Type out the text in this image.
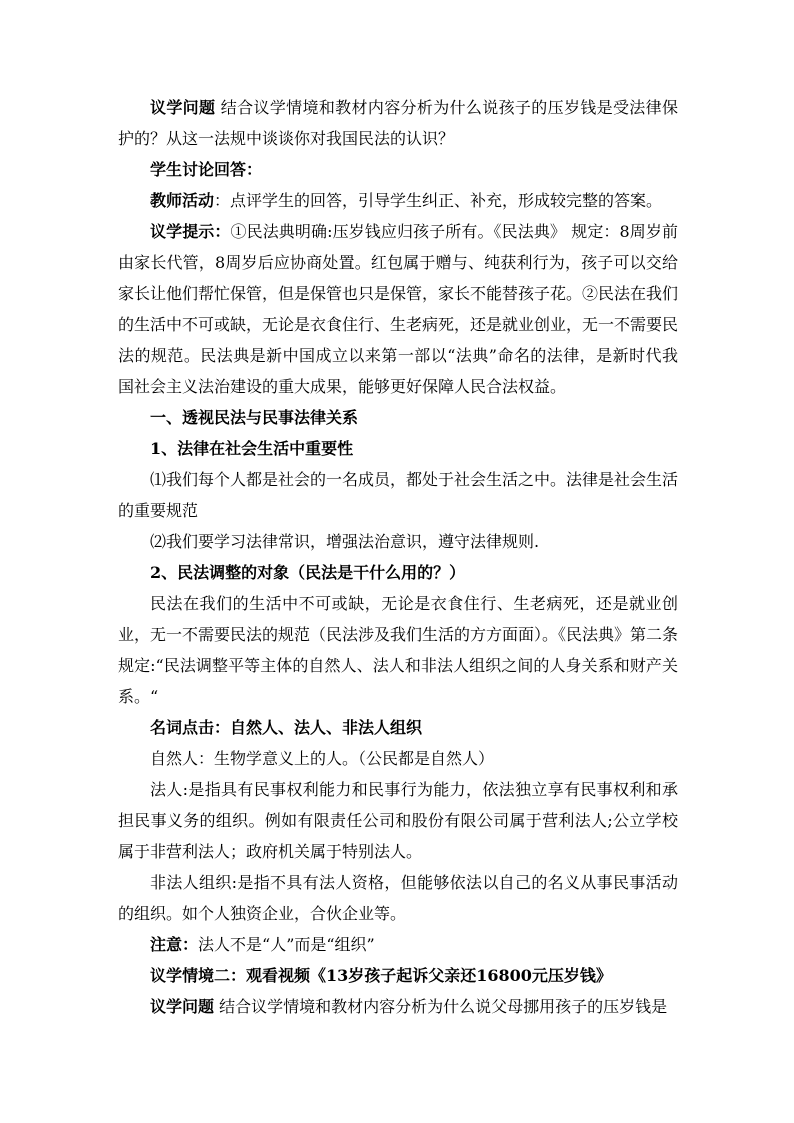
议学问题 结合议学情境和教材内容分析为什么说孩子的压岁钱是受法律保护的？从这一法规中谈谈你对我国民法的认识？

学生讨论回答：

教师活动：点评学生的回答，引导学生纠正、补充，形成较完整的答案。

议学提示：①民法典明确:压岁钱应归孩子所有。《民法典》 规定：8周岁前由家长代管，8周岁后应协商处置。红包属于赠与、纯获利行为，孩子可以交给家长让他们帮忙保管，但是保管也只是保管，家长不能替孩子花。②民法在我们的生活中不可或缺，无论是衣食住行、生老病死，还是就业创业，无一不需要民法的规范。民法典是新中国成立以来第一部以“法典”命名的法律，是新时代我国社会主义法治建设的重大成果，能够更好保障人民合法权益。

一、透视民法与民事法律关系

1、法律在社会生活中重要性

⑴我们每个人都是社会的一名成员，都处于社会生活之中。法律是社会生活的重要规范

⑵我们要学习法律常识，增强法治意识，遵守法律规则.

2、民法调整的对象（民法是干什么用的？）

民法在我们的生活中不可或缺，无论是衣食住行、生老病死，还是就业创业，无一不需要民法的规范（民法涉及我们生活的方方面面）。《民法典》第二条规定:“民法调整平等主体的自然人、法人和非法人组织之间的人身关系和财产关系。“

名词点击：自然人、法人、非法人组织

自然人：生物学意义上的人。（公民都是自然人）

法人:是指具有民事权利能力和民事行为能力，依法独立享有民事权利和承担民事义务的组织。例如有限责任公司和股份有限公司属于营利法人;公立学校属于非营利法人；政府机关属于特别法人。

非法人组织:是指不具有法人资格，但能够依法以自己的名义从事民事活动的组织。如个人独资企业，合伙企业等。

注意：法人不是“人”而是“组织”

议学情境二：观看视频《13岁孩子起诉父亲还16800元压岁钱》

议学问题 结合议学情境和教材内容分析为什么说父母挪用孩子的压岁钱是
